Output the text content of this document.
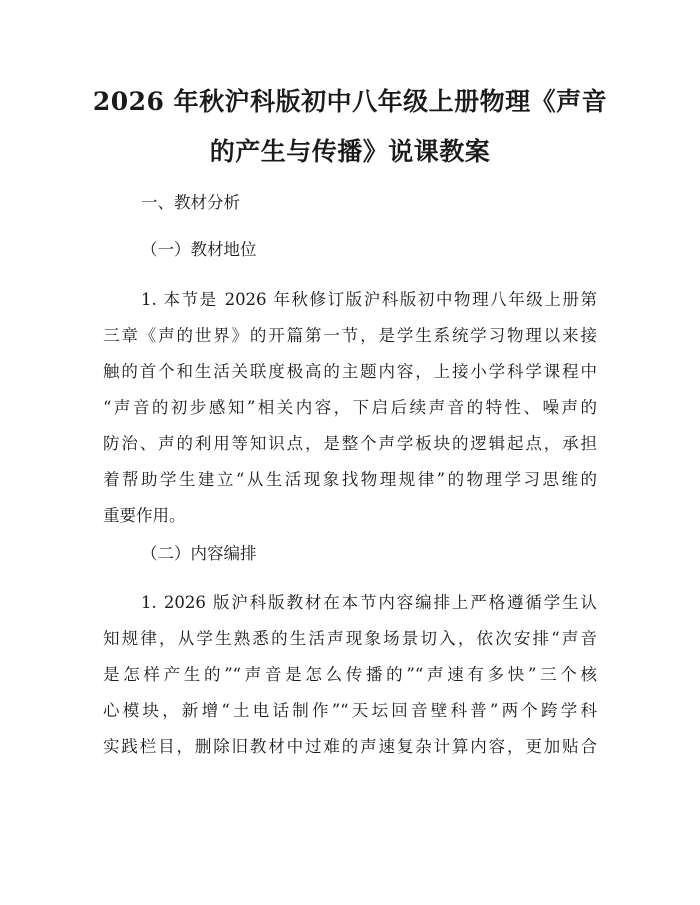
2026 年秋沪科版初中八年级上册物理《声音
的产生与传播》说课教案
一、教材分析
（一）教材地位
1. 本节是 2026 年秋修订版沪科版初中物理八年级上册第
三章《声的世界》的开篇第一节，是学生系统学习物理以来接
触的首个和生活关联度极高的主题内容，上接小学科学课程中
“声音的初步感知”相关内容，下启后续声音的特性、噪声的
防治、声的利用等知识点，是整个声学板块的逻辑起点，承担
着帮助学生建立“从生活现象找物理规律”的物理学习思维的
重要作用。
（二）内容编排
1. 2026 版沪科版教材在本节内容编排上严格遵循学生认
知规律，从学生熟悉的生活声现象场景切入，依次安排“声音
是怎样产生的”“声音是怎么传播的”“声速有多快”三个核
心模块，新增“土电话制作”“天坛回音壁科普”两个跨学科
实践栏目，删除旧教材中过难的声速复杂计算内容，更加贴合
